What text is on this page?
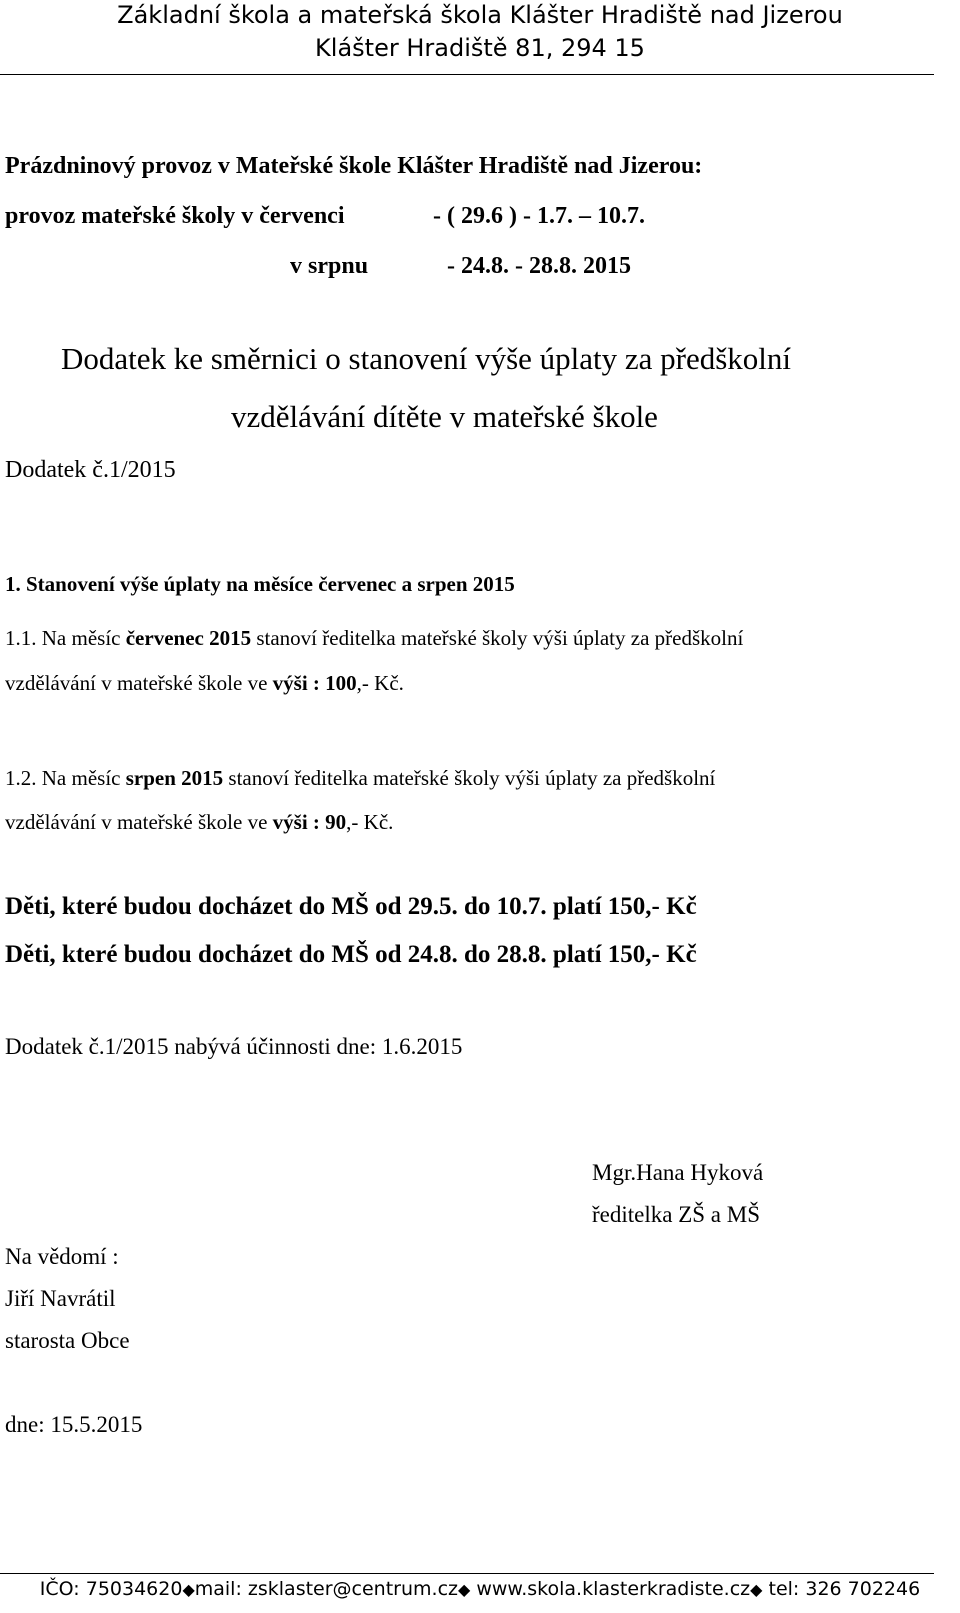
Základní škola a mateřská škola Klášter Hradiště nad Jizerou
Klášter Hradiště 81, 294 15
Prázdninový provoz v Mateřské škole Klášter Hradiště nad Jizerou:
provoz mateřské školy v červenci	- ( 29.6 ) - 1.7. – 10.7.
v srpnu	- 24.8. - 28.8. 2015
Dodatek ke směrnici o stanovení výše úplaty za předškolní
vzdělávání dítěte v mateřské škole
Dodatek č.1/2015
1. Stanovení výše úplaty na měsíce červenec a srpen 2015
1.1. Na měsíc červenec 2015 stanoví ředitelka mateřské školy výši úplaty za předškolní
vzdělávání v mateřské škole ve výši : 100,- Kč.
1.2. Na měsíc srpen 2015 stanoví ředitelka mateřské školy výši úplaty za předškolní
vzdělávání v mateřské škole ve výši : 90,- Kč.
Děti, které budou docházet do MŠ od 29.5. do 10.7. platí 150,- Kč
Děti, které budou docházet do MŠ od 24.8. do 28.8. platí 150,- Kč
Dodatek č.1/2015 nabývá účinnosti dne: 1.6.2015
Mgr.Hana Hyková
ředitelka ZŠ a MŠ
Na vědomí :
Jiří Navrátil
starosta Obce
dne: 15.5.2015
IČO: 75034620◆mail: zsklaster@centrum.cz◆ www.skola.klasterkradiste.cz◆ tel: 326 702246
